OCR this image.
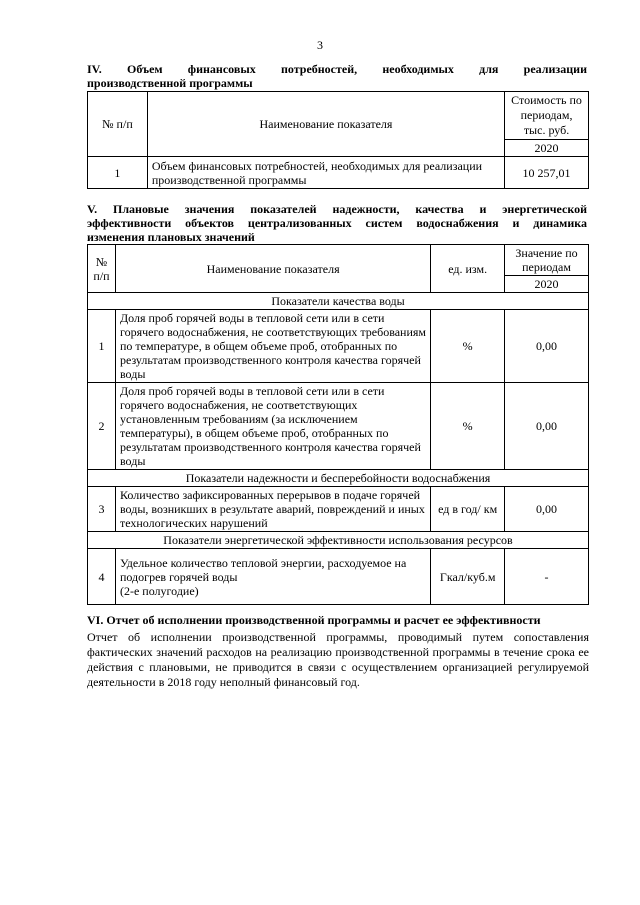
3
IV. Объем финансовых потребностей, необходимых для реализации
производственной программы
№ п/п	Наименование показателя	Стоимость по периодам, тыс. руб.
		2020
1	Объем финансовых потребностей, необходимых для реализации производственной программы	10 257,01
V. Плановые значения показателей надежности, качества и энергетической
эффективности объектов централизованных систем водоснабжения и динамика
изменения плановых значений
№ п/п	Наименование показателя	ед. изм.	Значение по периодам
			2020
Показатели качества воды			
1	Доля проб горячей воды в тепловой сети или в сети горячего водоснабжения, не соответствующих требованиям по температуре, в общем объеме проб, отобранных по результатам производственного контроля качества горячей воды	%	0,00
2	Доля проб горячей воды в тепловой сети или в сети горячего водоснабжения, не соответствующих установленным требованиям (за исключением температуры), в общем объеме проб, отобранных по результатам производственного контроля качества горячей воды	%	0,00
Показатели надежности и бесперебойности водоснабжения			
3	Количество зафиксированных перерывов в подаче горячей воды, возникших в результате аварий, повреждений и иных технологических нарушений	ед в год/ км	0,00
Показатели энергетической эффективности использования ресурсов			
4	Удельное количество тепловой энергии, расходуемое на подогрев горячей воды
(2-е полугодие)	Гкал/куб.м	-
VI. Отчет об исполнении производственной программы и расчет ее эффективности
Отчет об исполнении производственной программы, проводимый путем сопоставления фактических значений расходов на реализацию производственной программы в течение срока ее действия с плановыми, не приводится в связи с осуществлением организацией регулируемой деятельности в 2018 году неполный финансовый год.
